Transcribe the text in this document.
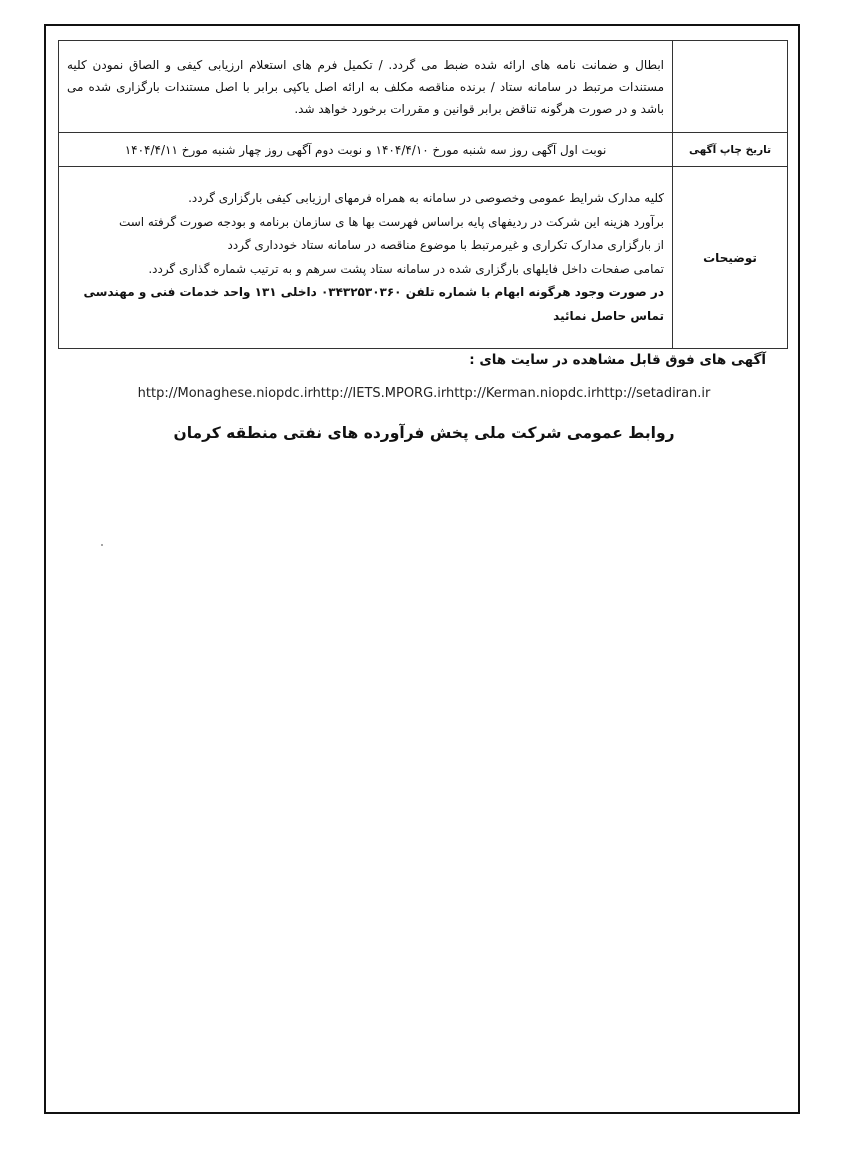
	ابطال و ضمانت نامه های ارائه شده ضبط می گردد. / تکمیل فرم های استعلام ارزیابی کیفی و الصاق نمودن کلیه مستندات مرتبط در سامانه ستاد / برنده مناقصه مکلف به ارائه اصل یاکپی برابر با اصل مستندات بارگزاری شده می باشد و در صورت هرگونه تناقض برابر قوانین و مقررات برخورد خواهد شد.

تاریخ چاپ آگهی	نوبت اول آگهی روز سه شنبه مورخ ۱۴۰۴/۴/۱۰ و نوبت دوم آگهی روز چهار شنبه مورخ ۱۴۰۴/۴/۱۱

توضیحات	کلیه مدارک شرایط عمومی وخصوصی در سامانه به همراه فرمهای ارزیابی کیفی بارگزاری گردد.

برآورد هزینه این شرکت در ردیفهای پایه براساس فهرست بها ها ی سازمان برنامه و بودجه صورت گرفته است

از بارگزاری مدارک تکراری و غیرمرتبط با موضوع مناقصه در سامانه ستاد خودداری گردد

تمامی صفحات داخل فایلهای بارگزاری شده در سامانه ستاد پشت سرهم و به ترتیب شماره گذاری گردد.

در صورت وجود هرگونه ابهام با شماره تلفن ۰۳۴۳۲۵۳۰۳۶۰ داخلی ۱۳۱ واحد خدمات فنی و مهندسی تماس حاصل نمائید

آگهی های فوق قابل مشاهده در سایت های :

http://Monaghese.niopdc.irhttp://IETS.MPORG.irhttp://Kerman.niopdc.irhttp://setadiran.ir

روابط عمومی شرکت ملی پخش فرآورده های نفتی منطقه کرمان
